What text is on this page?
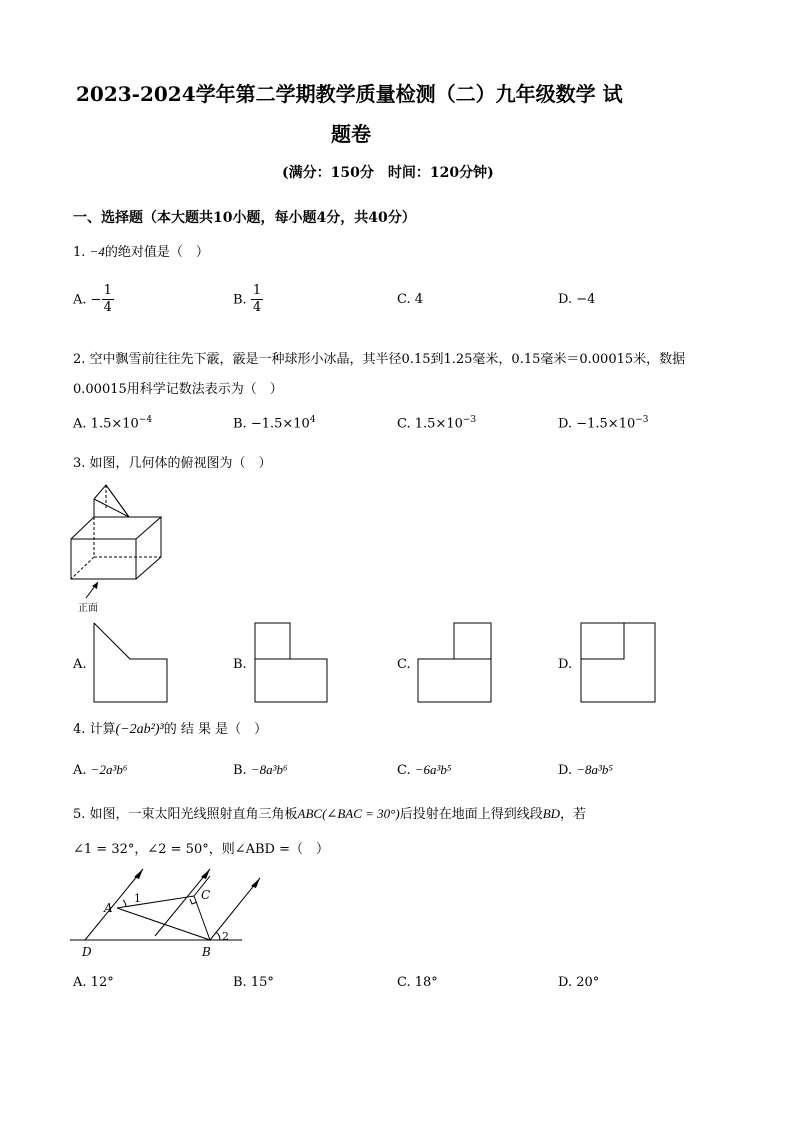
2023-2024学年第二学期教学质量检测（二）九年级数学 试
题卷
(满分：150分　时间：120分钟)
一、选择题（本大题共10小题，每小题4分，共40分）
1. −4的绝对值是（　）
A. − $\frac{1}{4}$	B. $\frac{1}{4}$	C. 4	D. −4
2. 空中飘雪前往往先下霰，霰是一种球形小冰晶，其半径0.15到1.25毫米，0.15毫米＝0.00015米，数据
0.00015用科学记数法表示为（　）
A. $1.5\times 10^{-4}$	B. $-1.5\times 10^4$	C. $1.5\times 10^{-3}$	D. $-1.5\times 10^{-3}$
3. 如图，几何体的俯视图为（　）
正面
A.	B.	C.	D.
4. 计算(−2ab²)³的 结 果 是（　）
A. −2a³b⁶	B. −8a³b⁶	C. −6a³b⁵	D. −8a³b⁵
5. 如图，一束太阳光线照射直角三角板ABC(∠BAC = 30°)后投射在地面上得到线段BD，若
∠1 = 32°，∠2 = 50°，则∠ABD =（　）
A
C
B
D
1
2
A. 12°	B. 15°	C. 18°	D. 20°
